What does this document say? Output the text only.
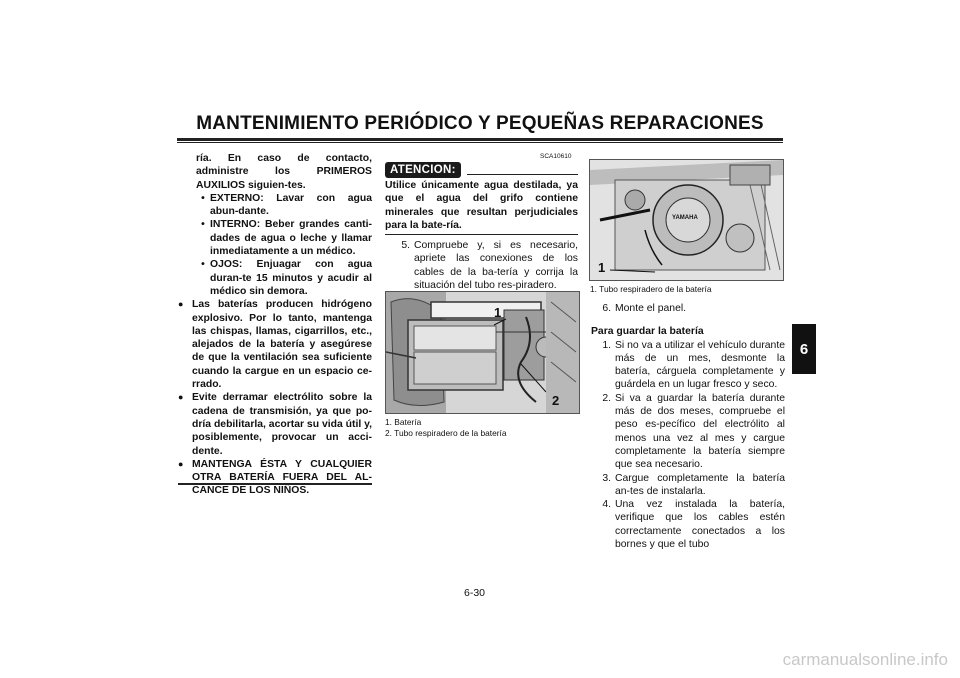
MANTENIMIENTO PERIÓDICO Y PEQUEÑAS REPARACIONES
6
ría. En caso de contacto, administre los PRIMEROS AUXILIOS siguien-tes.
• EXTERNO: Lavar con agua abun-dante.
• INTERNO: Beber grandes canti-dades de agua o leche y llamar inmediatamente a un médico.
• OJOS: Enjuagar con agua duran-te 15 minutos y acudir al médico sin demora.
● Las baterías producen hidrógeno explosivo. Por lo tanto, mantenga las chispas, llamas, cigarrillos, etc., alejados de la batería y asegúrese de que la ventilación sea suficiente cuando la cargue en un espacio ce-rrado.
● Evite derramar electrólito sobre la cadena de transmisión, ya que po-dría debilitarla, acortar su vida útil y, posiblemente, provocar un acci-dente.
● MANTENGA ÉSTA Y CUALQUIER OTRA BATERÍA FUERA DEL AL-CANCE DE LOS NIÑOS.
SCA10610
ATENCION:
Utilice únicamente agua destilada, ya que el agua del grifo contiene minerales que resultan perjudiciales para la bate-ría.
5. Compruebe y, si es necesario, apriete las conexiones de los cables de la ba-tería y corrija la situación del tubo res-piradero.
1
2
1. Batería
2. Tubo respiradero de la batería
YAMAHA
1
1. Tubo respiradero de la batería
6. Monte el panel.
Para guardar la batería
1. Si no va a utilizar el vehículo durante más de un mes, desmonte la batería, cárguela completamente y guárdela en un lugar fresco y seco.
2. Si va a guardar la batería durante más de dos meses, compruebe el peso es-pecífico del electrólito al menos una vez al mes y cargue completamente la batería siempre que sea necesario.
3. Cargue completamente la batería an-tes de instalarla.
4. Una vez instalada la batería, verifique que los cables estén correctamente conectados a los bornes y que el tubo
6-30
carmanualsonline.info
